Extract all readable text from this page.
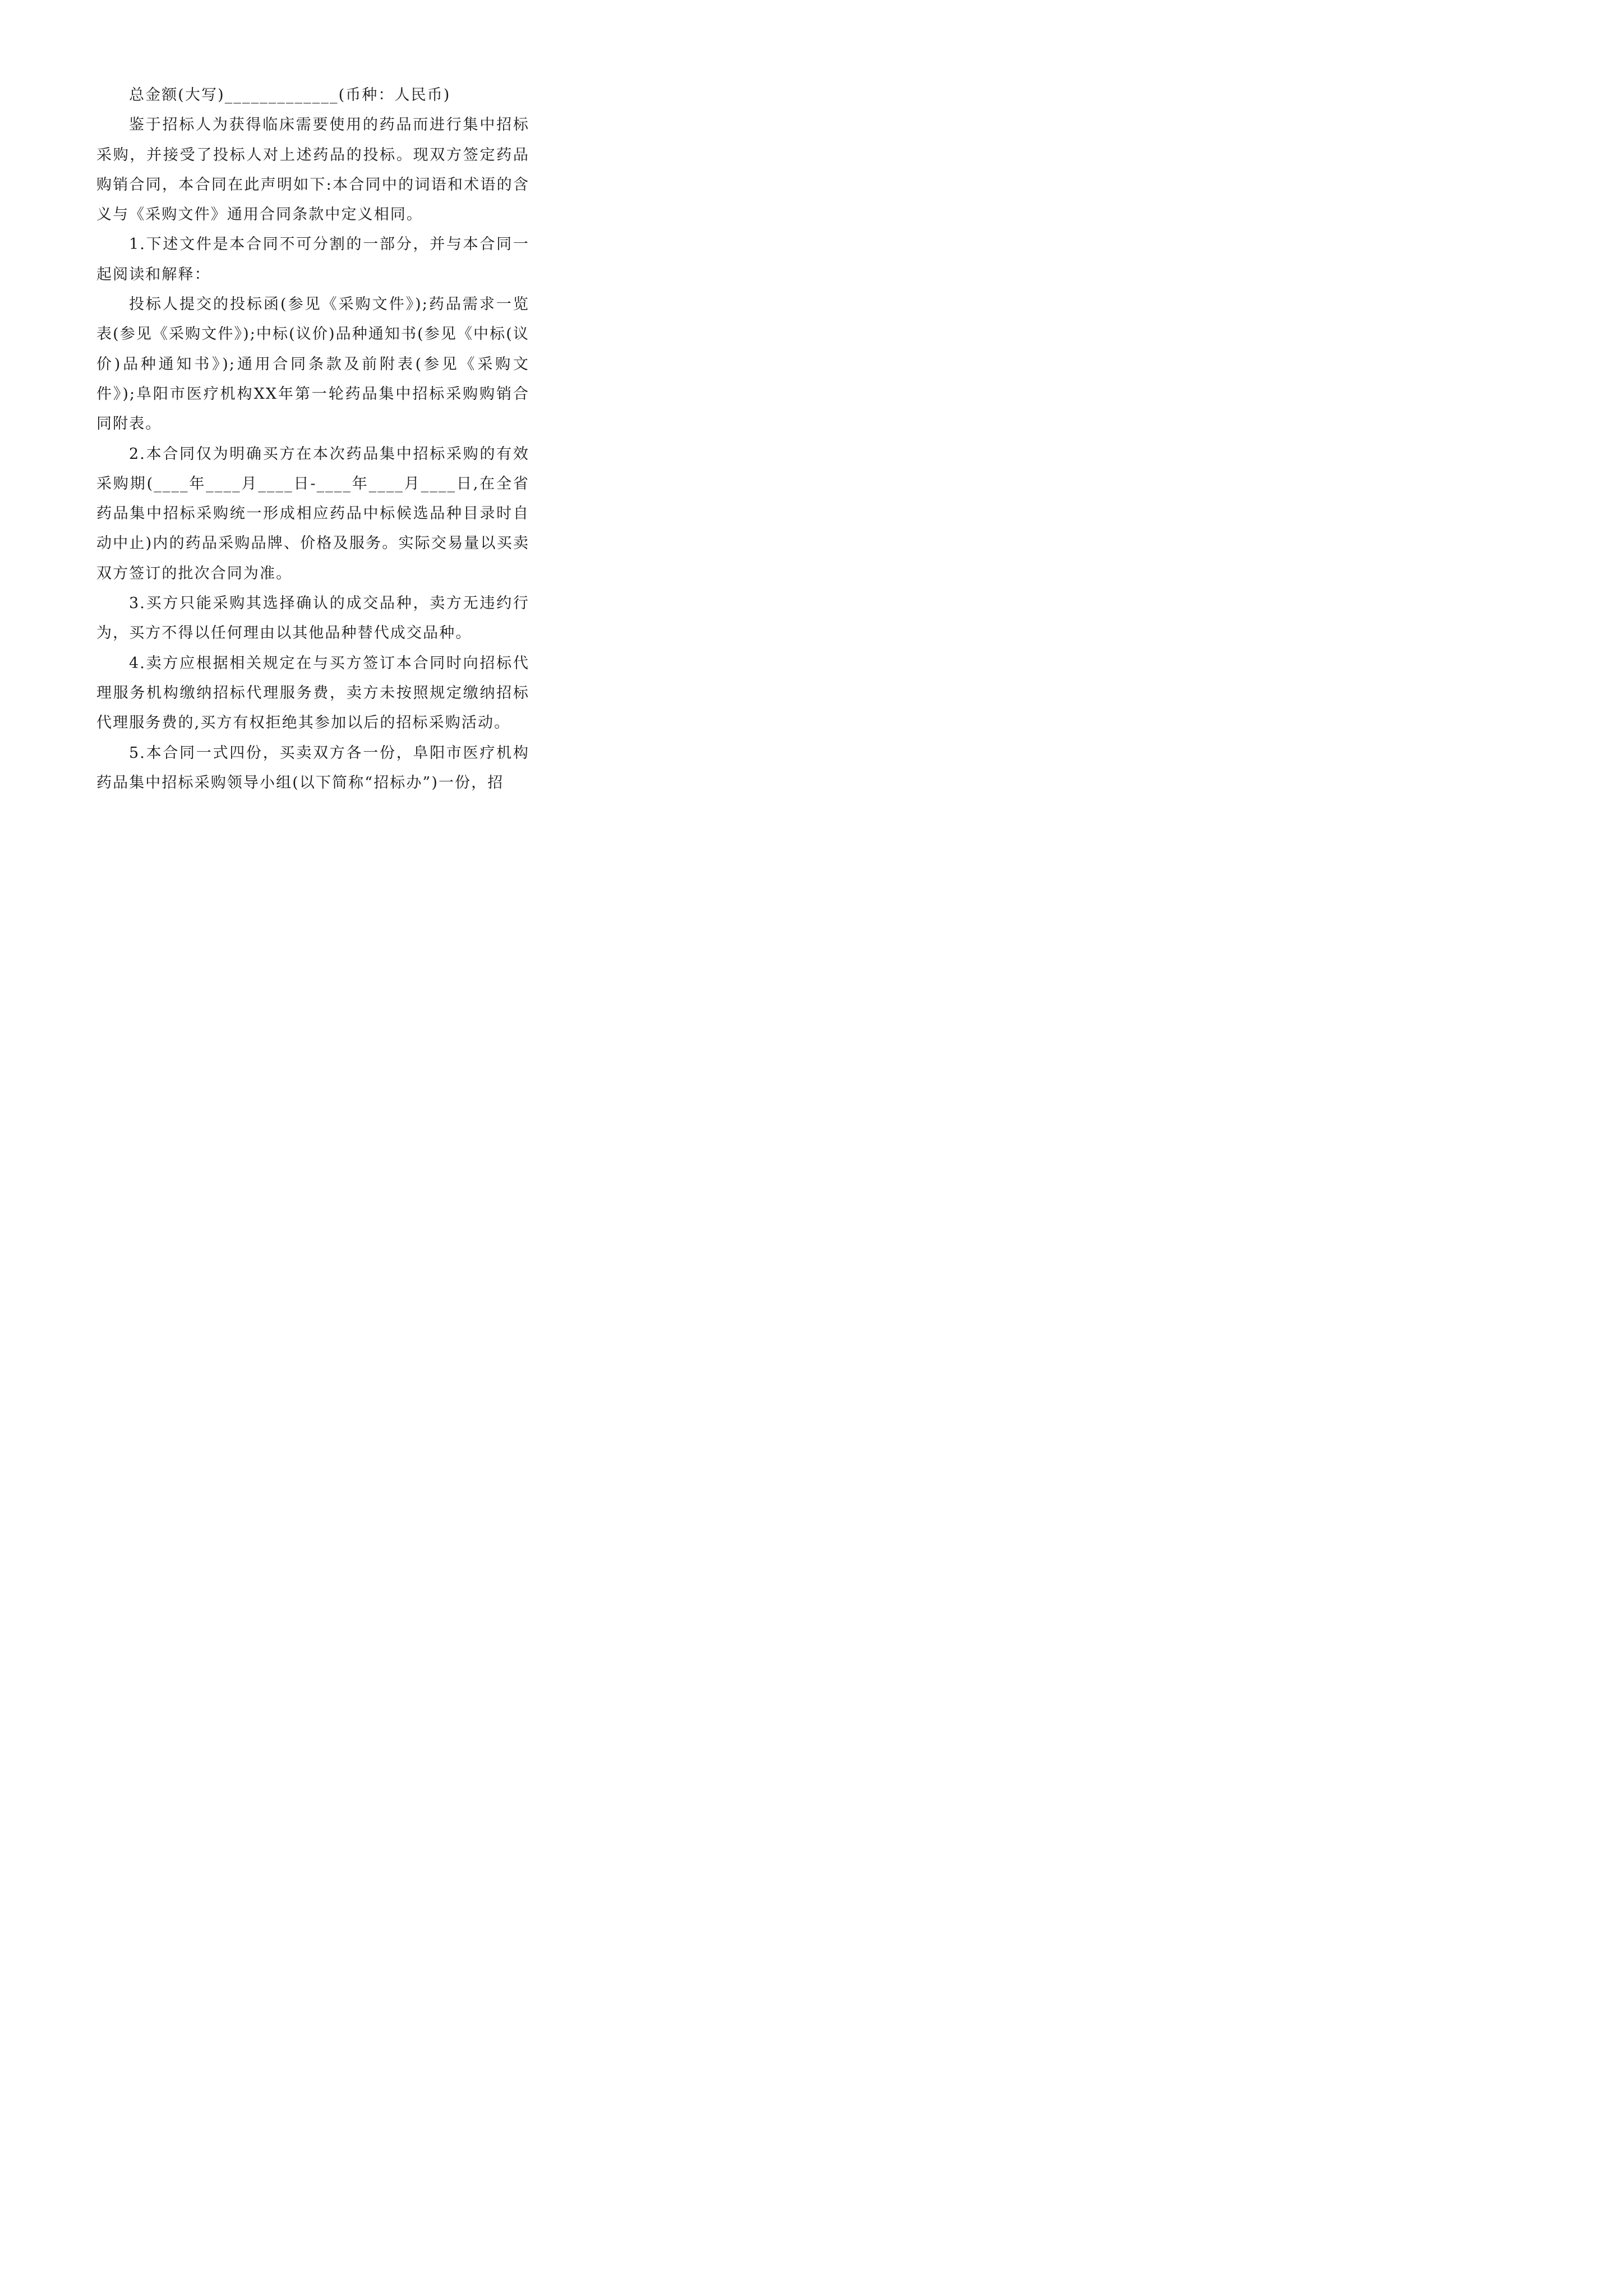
总金额(大写)_____________(币种：人民币)

鉴于招标人为获得临床需要使用的药品而进行集中招标采购，并接受了投标人对上述药品的投标。现双方签定药品购销合同，本合同在此声明如下:本合同中的词语和术语的含义与《采购文件》通用合同条款中定义相同。

1.下述文件是本合同不可分割的一部分，并与本合同一起阅读和解释：

投标人提交的投标函(参见《采购文件》);药品需求一览表(参见《采购文件》);中标(议价)品种通知书(参见《中标(议价)品种通知书》);通用合同条款及前附表(参见《采购文件》);阜阳市医疗机构XX年第一轮药品集中招标采购购销合同附表。

2.本合同仅为明确买方在本次药品集中招标采购的有效采购期(____年____月____日-____年____月____日,在全省药品集中招标采购统一形成相应药品中标候选品种目录时自动中止)内的药品采购品牌、价格及服务。实际交易量以买卖双方签订的批次合同为准。

3.买方只能采购其选择确认的成交品种，卖方无违约行为，买方不得以任何理由以其他品种替代成交品种。

4.卖方应根据相关规定在与买方签订本合同时向招标代理服务机构缴纳招标代理服务费，卖方未按照规定缴纳招标代理服务费的,买方有权拒绝其参加以后的招标采购活动。

5.本合同一式四份，买卖双方各一份，阜阳市医疗机构药品集中招标采购领导小组(以下简称“招标办”)一份，招
